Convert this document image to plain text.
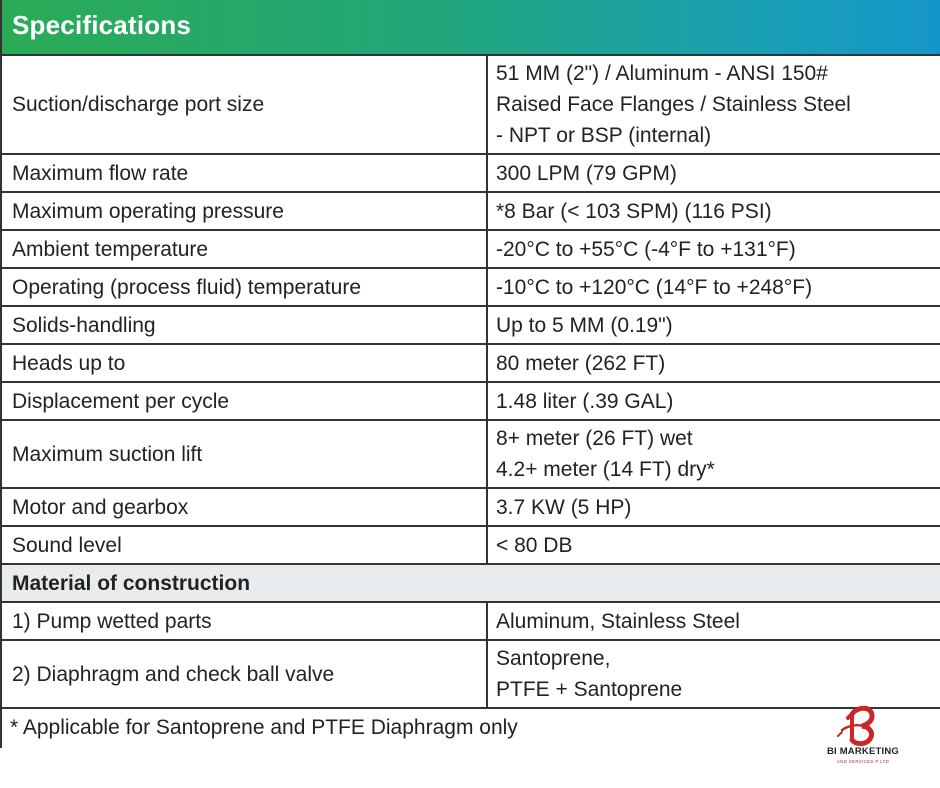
Specifications
Suction/discharge port size	51 MM (2") / Aluminum - ANSI 150#
Raised Face Flanges / Stainless Steel
- NPT or BSP (internal)

Maximum flow rate	300 LPM (79 GPM)

Maximum operating pressure	*8 Bar (< 103 SPM) (116 PSI)

Ambient temperature	-20°C to +55°C (-4°F to +131°F)

Operating (process fluid) temperature	-10°C to +120°C (14°F to +248°F)

Solids-handling	Up to 5 MM (0.19")

Heads up to	80 meter (262 FT)

Displacement per cycle	1.48 liter (.39 GAL)

Maximum suction lift	8+ meter (26 FT) wet
4.2+ meter (14 FT) dry*

Motor and gearbox	3.7 KW (5 HP)

Sound level	< 80 DB

Material of construction	
1) Pump wetted parts	Aluminum, Stainless Steel

2) Diaphragm and check ball valve	Santoprene,
PTFE + Santoprene
* Applicable for Santoprene and PTFE Diaphragm only
BI MARKETING
AND SERVICES P LTD
